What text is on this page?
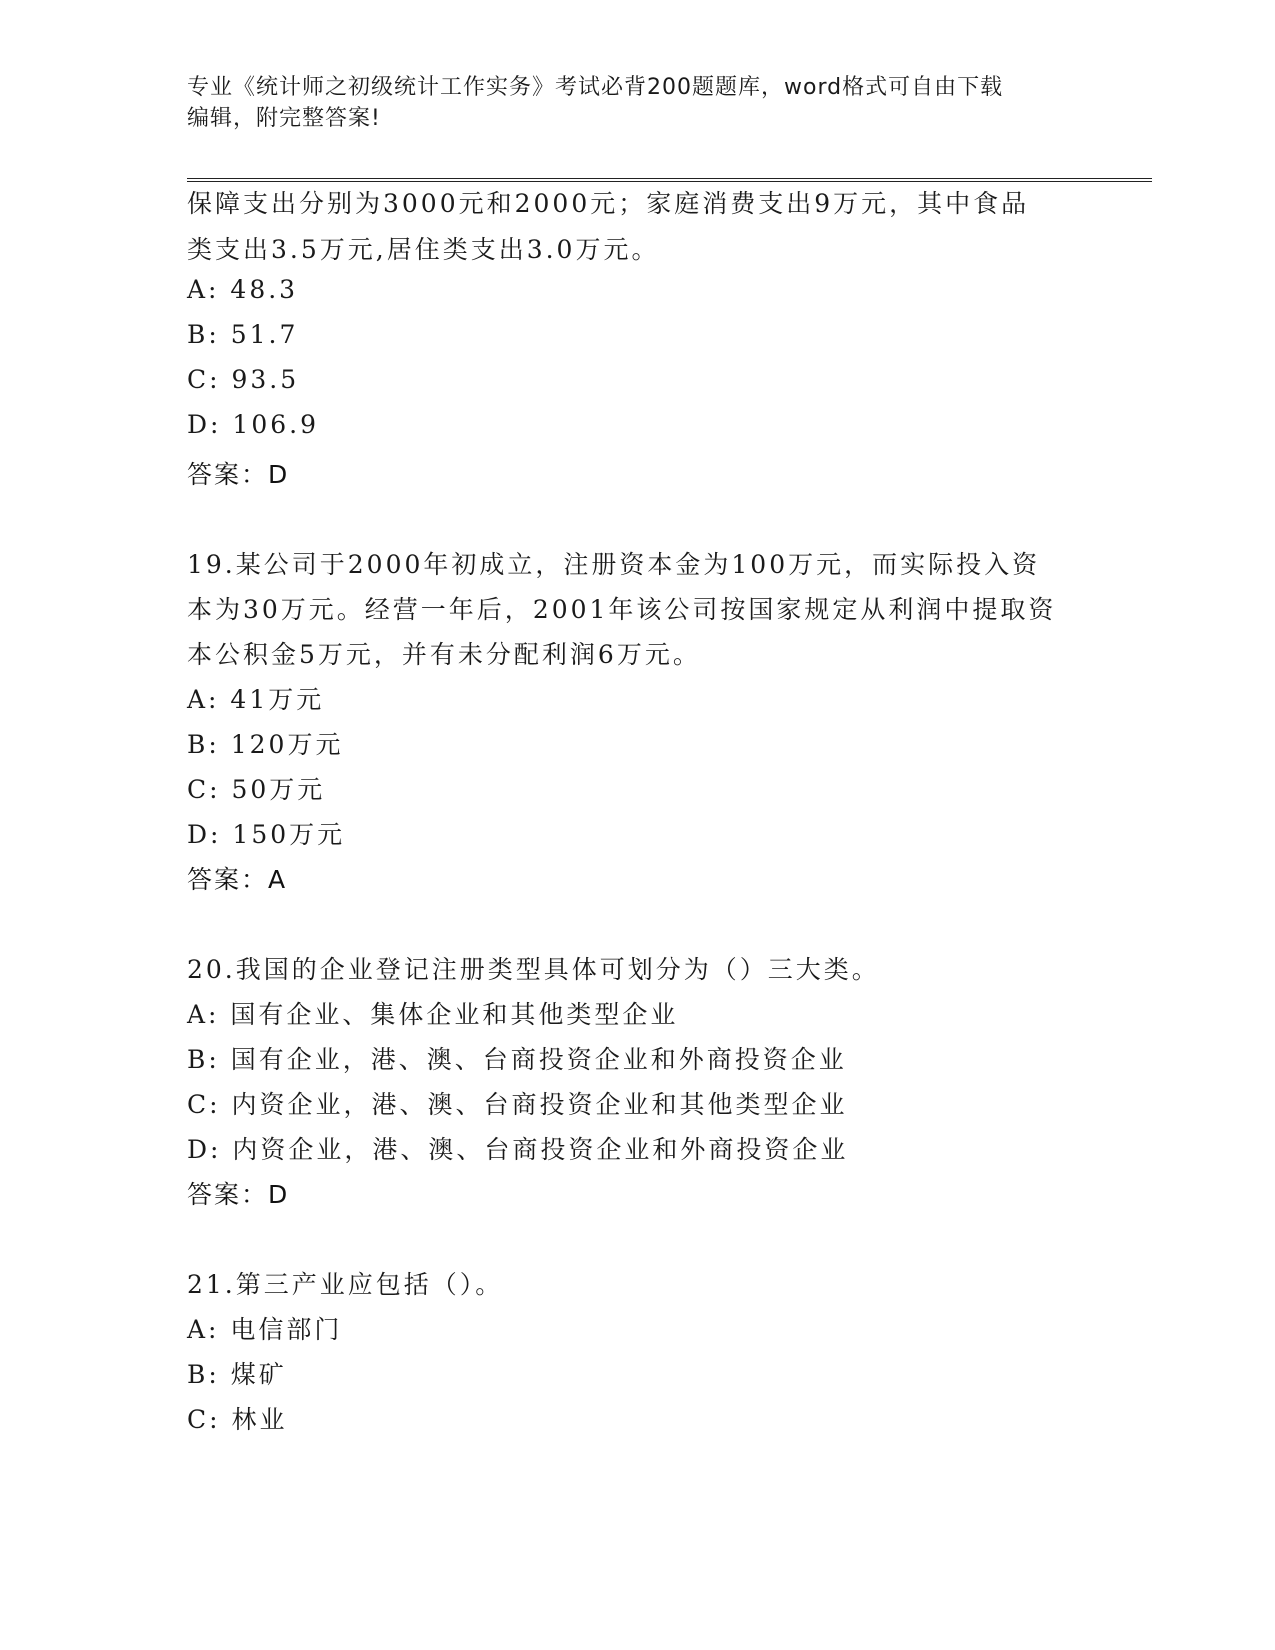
专业《统计师之初级统计工作实务》考试必背200题题库，word格式可自由下载
编辑，附完整答案!
保障支出分别为3000元和2000元；家庭消费支出9万元，其中食品
类支出3.5万元,居住类支出3.0万元。
A: 48.3
B: 51.7
C: 93.5
D: 106.9
答案：D
19.某公司于2000年初成立，注册资本金为100万元，而实际投入资
本为30万元。经营一年后，2001年该公司按国家规定从利润中提取资
本公积金5万元，并有未分配利润6万元。
A: 41万元
B: 120万元
C: 50万元
D: 150万元
答案：A
20.我国的企业登记注册类型具体可划分为（）三大类。
A: 国有企业、集体企业和其他类型企业
B: 国有企业，港、澳、台商投资企业和外商投资企业
C: 内资企业，港、澳、台商投资企业和其他类型企业
D: 内资企业，港、澳、台商投资企业和外商投资企业
答案：D
21.第三产业应包括（）。
A: 电信部门
B: 煤矿
C: 林业
